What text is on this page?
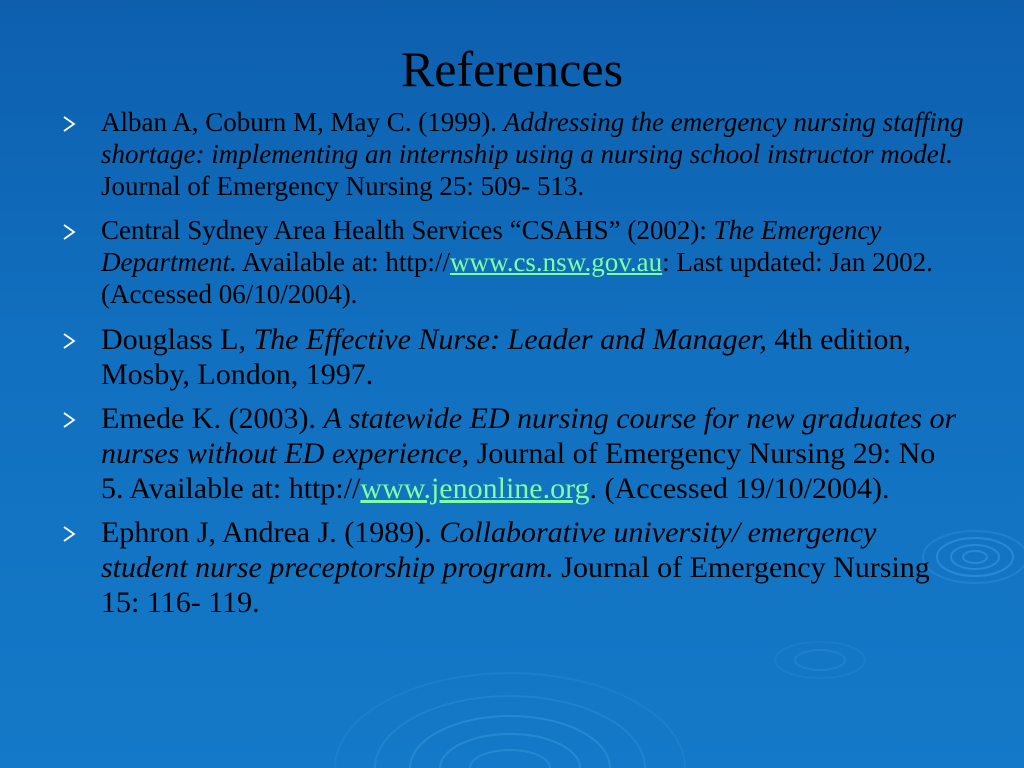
References
Alban A, Coburn M, May C. (1999). Addressing the emergency nursing staffing shortage: implementing an internship using a nursing school instructor model. Journal of Emergency Nursing 25: 509- 513.
Central Sydney Area Health Services “CSAHS” (2002): The Emergency Department. Available at: http://www.cs.nsw.gov.au: Last updated: Jan 2002. (Accessed 06/10/2004).
Douglass L, The Effective Nurse: Leader and Manager, 4th edition, Mosby, London, 1997.
Emede K. (2003). A statewide ED nursing course for new graduates or nurses without ED experience, Journal of Emergency Nursing 29: No 5. Available at: http://www.jenonline.org. (Accessed 19/10/2004).
Ephron J, Andrea J. (1989). Collaborative university/ emergency student nurse preceptorship program. Journal of Emergency Nursing 15: 116- 119.
